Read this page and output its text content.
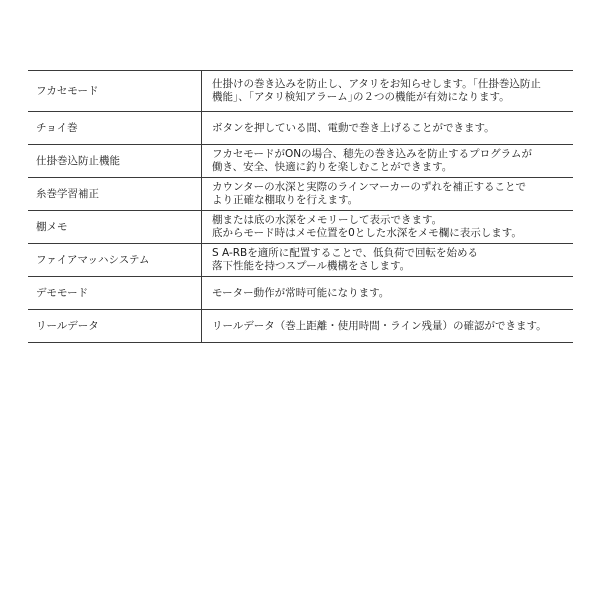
フカセモード	仕掛けの巻き込みを防止し、アタリをお知らせします。｢仕掛巻込防止
機能｣、｢アタリ検知アラーム｣の２つの機能が有効になります。

チョイ巻	ボタンを押している間、電動で巻き上げることができます。

仕掛巻込防止機能	フカセモードがONの場合、穂先の巻き込みを防止するプログラムが
働き、安全、快適に釣りを楽しむことができます。

糸巻学習補正	カウンターの水深と実際のラインマーカーのずれを補正することで
より正確な棚取りを行えます。

棚メモ	棚または底の水深をメモリーして表示できます。
底からモード時はメモ位置を0とした水深をメモ欄に表示します。

ファイアマッハシステム	S A-RBを適所に配置することで、低負荷で回転を始める
落下性能を持つスプール機構をさします。

デモモード	モーター動作が常時可能になります。

リールデータ	リールデータ（巻上距離・使用時間・ライン残量）の確認ができます。
